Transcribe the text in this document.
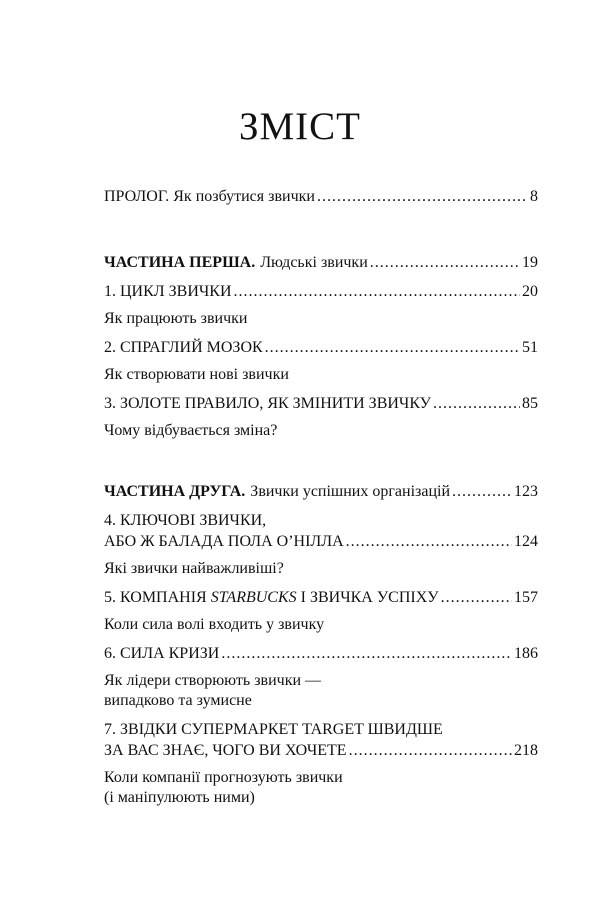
ЗМІСТ
ПРОЛОГ. Як позбутися звички .....	8
ЧАСТИНА ПЕРША. Людські звички .....	19
1. ЦИКЛ ЗВИЧКИ .....	20
Як працюють звички
2. СПРАГЛИЙ МОЗОК .....	51
Як створювати нові звички
3. ЗОЛОТЕ ПРАВИЛО, ЯК ЗМІНИТИ ЗВИЧКУ .....	85
Чому відбувається зміна?
ЧАСТИНА ДРУГА. Звички успішних організацій .....	123
4. КЛЮЧОВІ ЗВИЧКИ,
АБО Ж БАЛАДА ПОЛА О’НІЛЛА .....	124
Які звички найважливіші?
5. КОМПАНІЯ STARBUCKS І ЗВИЧКА УСПІХУ .....	157
Коли сила волі входить у звичку
6. СИЛА КРИЗИ .....	186
Як лідери створюють звички —
випадково та зумисне
7. ЗВІДКИ СУПЕРМАРКЕТ TARGET ШВИДШЕ
ЗА ВАС ЗНАЄ, ЧОГО ВИ ХОЧЕТЕ .....	218
Коли компанії прогнозують звички
(і маніпулюють ними)
